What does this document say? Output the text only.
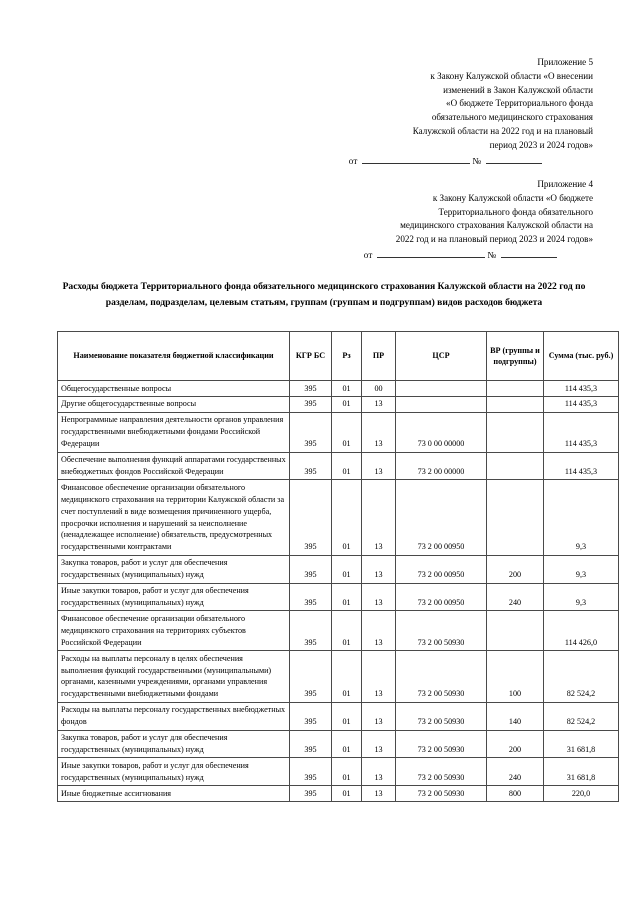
Приложение 5
к Закону Калужской области «О внесении
изменений в Закон Калужской области
«О бюджете Территориального фонда
обязательного медицинского страхования
Калужской области на 2022 год и на плановый
период 2023 и 2024 годов»
от	№
Приложение 4
к Закону Калужской области «О бюджете
Территориального фонда обязательного
медицинского страхования Калужской области на
2022 год и на плановый период 2023 и 2024 годов»
от	№
Расходы бюджета Территориального фонда обязательного медицинского страхования Калужской области на 2022 год по разделам, подразделам, целевым статьям, группам (группам и подгруппам) видов расходов бюджета
Наименование показателя бюджетной классификации	КГР БС	Рз	ПР	ЦСР	ВР (группы и подгруппы)	Сумма (тыс. руб.)
Общегосударственные вопросы	395	01	00			114 435,3
Другие общегосударственные вопросы	395	01	13			114 435,3
Непрограммные направления деятельности органов управления государственными внебюджетными фондами Российской Федерации	395	01	13	73 0 00 00000		114 435,3
Обеспечение выполнения функций аппаратами государственных внебюджетных фондов Российской Федерации	395	01	13	73 2 00 00000		114 435,3
Финансовое обеспечение организации обязательного медицинского страхования на территории Калужской области за счет поступлений в виде возмещения причиненного ущерба, просрочки исполнения и нарушений за неисполнение (ненадлежащее исполнение) обязательств, предусмотренных государственными контрактами	395	01	13	73 2 00 00950		9,3
Закупка товаров, работ и услуг для обеспечения государственных (муниципальных) нужд	395	01	13	73 2 00 00950	200	9,3
Иные закупки товаров, работ и услуг для обеспечения государственных (муниципальных) нужд	395	01	13	73 2 00 00950	240	9,3
Финансовое обеспечение организации обязательного медицинского страхования на территориях субъектов Российской Федерации	395	01	13	73 2 00 50930		114 426,0
Расходы на выплаты персоналу в целях обеспечения выполнения функций государственными (муниципальными) органами, казенными учреждениями, органами управления государственными внебюджетными фондами	395	01	13	73 2 00 50930	100	82 524,2
Расходы на выплаты персоналу государственных внебюджетных фондов	395	01	13	73 2 00 50930	140	82 524,2
Закупка товаров, работ и услуг для обеспечения государственных (муниципальных) нужд	395	01	13	73 2 00 50930	200	31 681,8
Иные закупки товаров, работ и услуг для обеспечения государственных (муниципальных) нужд	395	01	13	73 2 00 50930	240	31 681,8
Иные бюджетные ассигнования	395	01	13	73 2 00 50930	800	220,0
